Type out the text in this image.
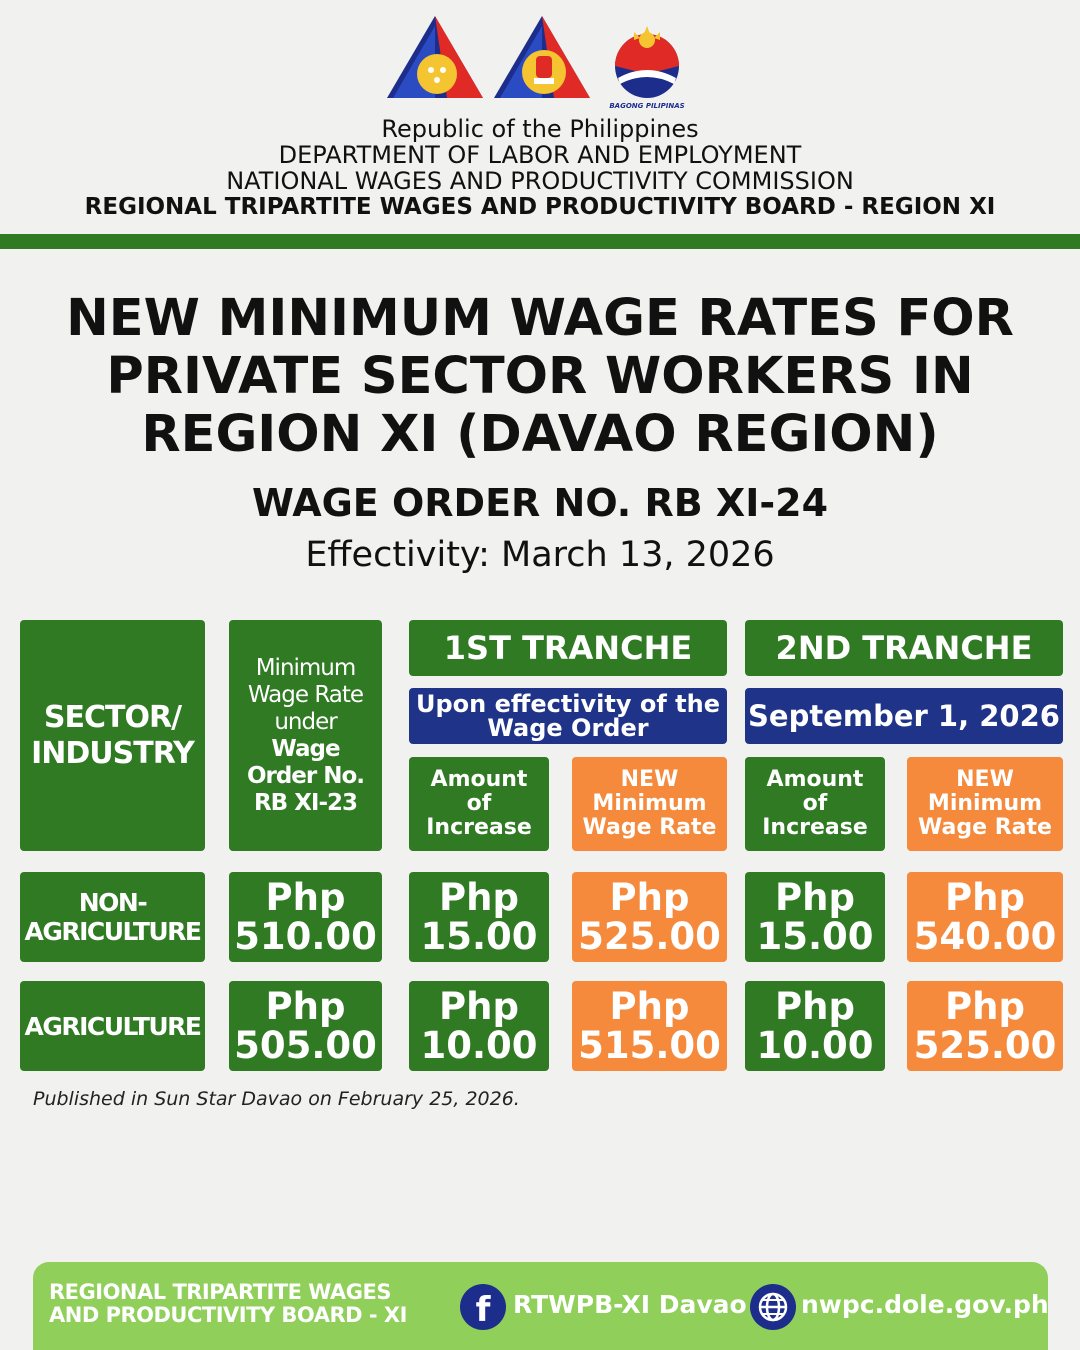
BAGONG PILIPINAS
Republic of the Philippines
DEPARTMENT OF LABOR AND EMPLOYMENT
NATIONAL WAGES AND PRODUCTIVITY COMMISSION
REGIONAL TRIPARTITE WAGES AND PRODUCTIVITY BOARD - REGION XI
NEW MINIMUM WAGE RATES FOR
PRIVATE SECTOR WORKERS IN
REGION XI (DAVAO REGION)
WAGE ORDER NO. RB XI-24
Effectivity: March 13, 2026
SECTOR/
INDUSTRY
Minimum
Wage Rate
under
Wage
Order No.
RB XI-23
1ST TRANCHE
Upon effectivity of the
Wage Order
2ND TRANCHE
September 1, 2026
Amount
of
Increase
NEW
Minimum
Wage Rate
Amount
of
Increase
NEW
Minimum
Wage Rate
NON-
AGRICULTURE
Php
510.00
Php
15.00
Php
525.00
Php
15.00
Php
540.00
AGRICULTURE Php
505.00
Php
10.00
Php
515.00
Php
10.00
Php
525.00
Published in Sun Star Davao on February 25, 2026.
REGIONAL TRIPARTITE WAGES
AND PRODUCTIVITY BOARD - XI	f RTWPB-XI Davao nwpc.dole.gov.ph
